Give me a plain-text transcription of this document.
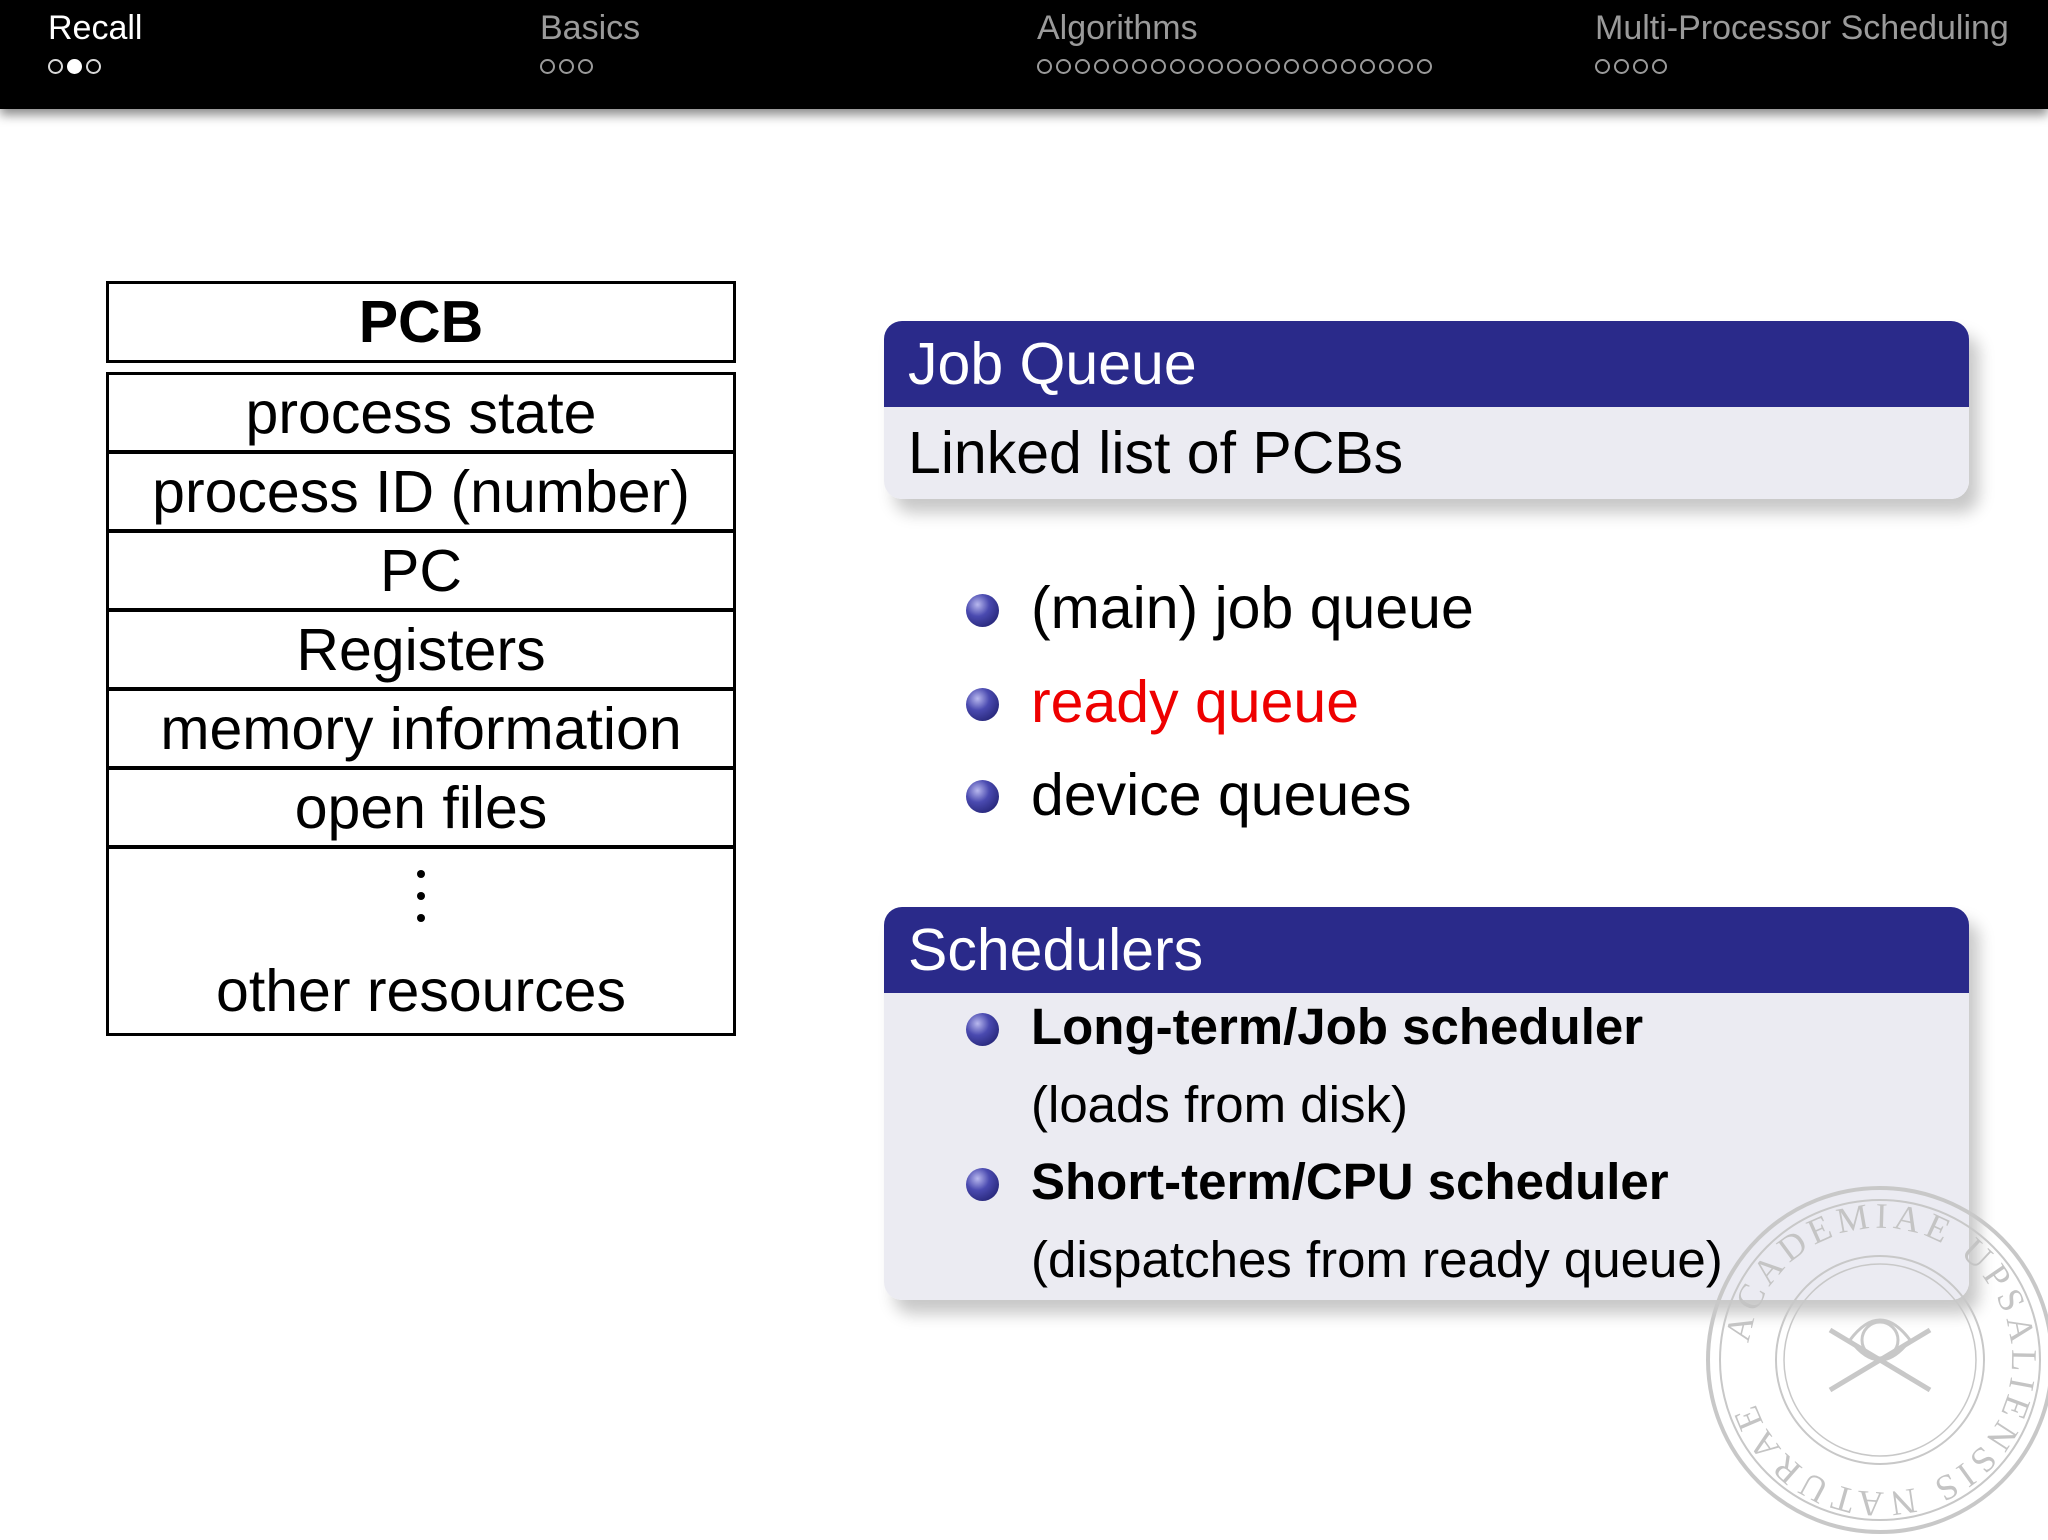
Recall	Basics	Algorithms	Multi-Processor Scheduling
PCB
process state
process ID (number)
PC
Registers
memory information
open files
other resources
Job Queue
Linked list of PCBs
(main) job queue
ready queue
device queues
Schedulers
Long-term/Job scheduler
(loads from disk)
Short-term/CPU scheduler
(dispatches from ready queue)
ACADEMIAE UPSALIENSIS NATURAE
